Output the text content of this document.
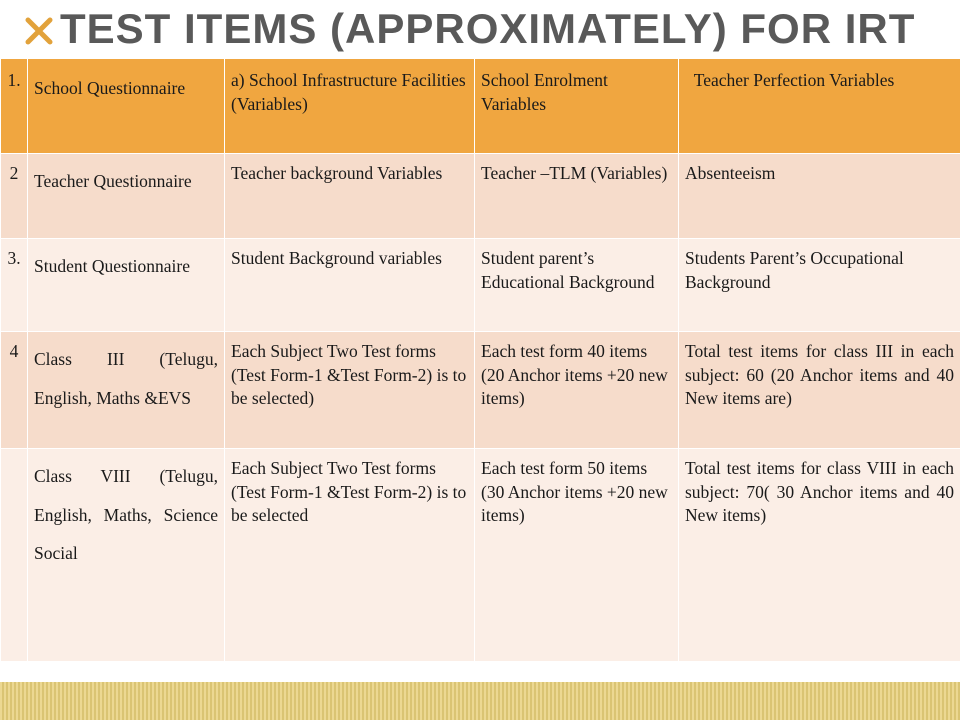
TEST ITEMS (APPROXIMATELY) FOR IRT
1.	School Questionnaire	a) School Infrastructure Facilities (Variables)	School Enrolment Variables	Teacher Perfection Variables
2	Teacher Questionnaire	Teacher background Variables	Teacher –TLM (Variables)	Absenteeism
3.	Student Questionnaire	Student Background variables	Student parent’s Educational Background	Students Parent’s Occupational Background
4	Class III (Telugu, English, Maths &EVS	Each Subject Two Test forms (Test Form-1 &Test Form-2) is to be selected)	Each test form 40 items (20 Anchor items +20 new items)	Total test items for class III in each subject: 60 (20 Anchor items and 40 New items are)
	Class VIII (Telugu, English, Maths, Science Social	Each Subject Two Test forms (Test Form-1 &Test Form-2) is to be selected	Each test form 50 items (30 Anchor items +20 new items)	Total test items for class VIII in each subject: 70( 30 Anchor items and 40 New items)
